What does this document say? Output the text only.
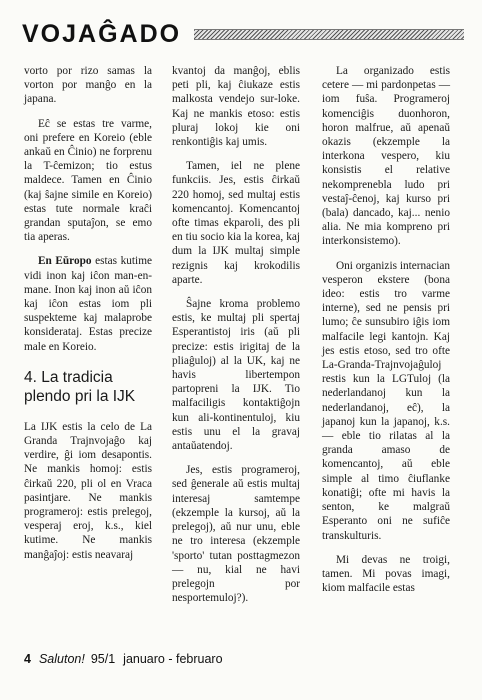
VOJAĜADO

vorto por rizo samas la vorton por manĝo en la japana.

Eĉ se estas tre varme, oni prefere en Koreio (eble ankaŭ en Ĉinio) ne forprenu la T-ĉemizon; tio estus maldece. Tamen en Ĉinio (kaj ŝajne simile en Koreio) estas tute normale kraĉi grandan sputaĵon, se emo tia aperas.

En Eŭropo estas kutime vidi inon kaj iĉon man-en-mane. Inon kaj inon aŭ iĉon kaj iĉon estas iom pli suspekteme kaj malaprobe konsiderataj. Estas precize male en Koreio.

4. La tradicia plendo pri la IJK

La IJK estis la celo de La Granda Trajnvojaĝo kaj verdire, ĝi iom desapontis. Ne mankis homoj: estis ĉirkaŭ 220, pli ol en Vraca pasintjare. Ne mankis programeroj: estis prelegoj, vesperaj eroj, k.s., kiel kutime. Ne mankis manĝaĵoj: estis neavaraj

kvantoj da manĝoj, eblis peti pli, kaj ĉiukaze estis malkosta vendejo sur-loke. Kaj ne mankis etoso: estis pluraj lokoj kie oni renkontiĝis kaj umis.

Tamen, iel ne plene funkciis. Jes, estis ĉirkaŭ 220 homoj, sed multaj estis komencantoj. Komencantoj ofte timas ekparoli, des pli en tiu socio kia la korea, kaj dum la IJK multaj simple rezignis kaj krokodilis aparte.

Ŝajne kroma problemo estis, ke multaj pli spertaj Esperantistoj iris (aŭ pli precize: estis irigitaj de la pliaĝuloj) al la UK, kaj ne havis libertempon partopreni la IJK. Tio malfaciligis kontaktiĝojn kun ali-kontinentuloj, kiu estis unu el la gravaj antaŭatendoj.

Jes, estis programeroj, sed ĝenerale aŭ estis multaj interesaj samtempe (ekzemple la kursoj, aŭ la prelegoj), aŭ nur unu, eble ne tro interesa (ekzemple 'sporto' tutan posttagmezon — nu, kial ne havi prelegojn por nesportemuloj?).

La organizado estis cetere — mi pardonpetas — iom fuŝa. Programeroj komenciĝis duonhoron, horon malfrue, aŭ apenaŭ okazis (ekzemple la interkona vespero, kiu konsistis el relative nekomprenebla ludo pri vestaĵ-ĉenoj, kaj kurso pri (bala) dancado, kaj... nenio alia. Ne mia kompreno pri interkonsistemo).

Oni organizis internacian vesperon ekstere (bona ideo: estis tro varme interne), sed ne pensis pri lumo; ĉe sunsubiro iĝis iom malfacile legi kantojn. Kaj jes estis etoso, sed tro ofte La-Granda-Trajnvojaĝuloj restis kun la LGTuloj (la nederlandanoj kun la nederlandanoj, eĉ), la japanoj kun la japanoj, k.s. — eble tio rilatas al la granda amaso de komencantoj, aŭ eble simple al timo ĉiuflanke konatiĝi; ofte mi havis la senton, ke malgraŭ Esperanto oni ne sufiĉe transkulturis.

Mi devas ne troigi, tamen. Mi povas imagi, kiom malfacile estas

4 Saluton! 95/1 januaro - februaro
